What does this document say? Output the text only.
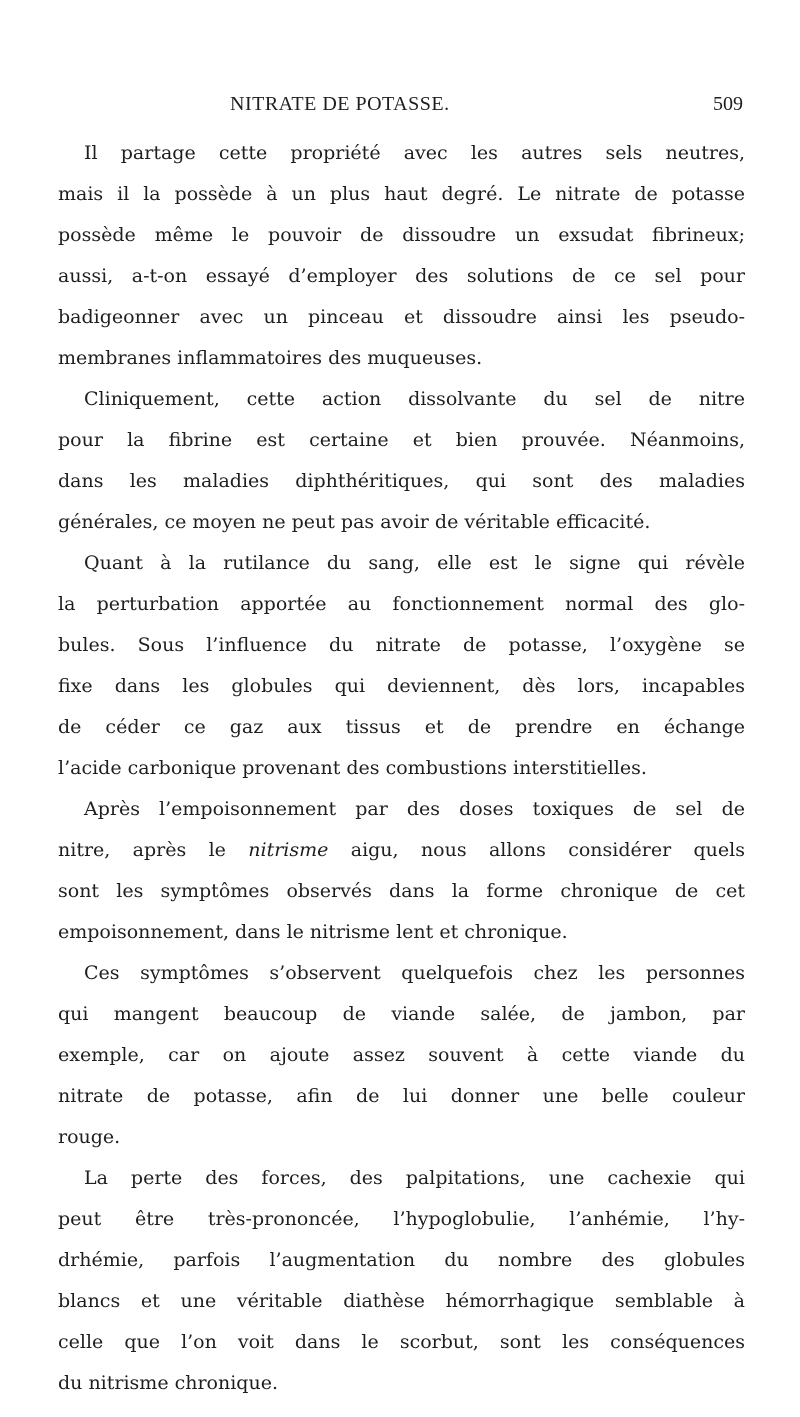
NITRATE DE POTASSE.	509
Il partage cette propriété avec les autres sels neutres,
mais il la possède à un plus haut degré. Le nitrate de potasse
possède même le pouvoir de dissoudre un exsudat fibrineux;
aussi, a-t-on essayé d’employer des solutions de ce sel pour
badigeonner avec un pinceau et dissoudre ainsi les pseudo-
membranes inflammatoires des muqueuses.
Cliniquement, cette action dissolvante du sel de nitre
pour la fibrine est certaine et bien prouvée. Néanmoins,
dans les maladies diphthéritiques, qui sont des maladies
générales, ce moyen ne peut pas avoir de véritable efficacité.
Quant à la rutilance du sang, elle est le signe qui révèle
la perturbation apportée au fonctionnement normal des glo-
bules. Sous l’influence du nitrate de potasse, l’oxygène se
fixe dans les globules qui deviennent, dès lors, incapables
de céder ce gaz aux tissus et de prendre en échange
l’acide carbonique provenant des combustions interstitielles.
Après l’empoisonnement par des doses toxiques de sel de
nitre, après le nitrisme aigu, nous allons considérer quels
sont les symptômes observés dans la forme chronique de cet
empoisonnement, dans le nitrisme lent et chronique.
Ces symptômes s’observent quelquefois chez les personnes
qui mangent beaucoup de viande salée, de jambon, par
exemple, car on ajoute assez souvent à cette viande du
nitrate de potasse, afin de lui donner une belle couleur
rouge.
La perte des forces, des palpitations, une cachexie qui
peut être très-prononcée, l’hypoglobulie, l’anhémie, l’hy-
drhémie, parfois l’augmentation du nombre des globules
blancs et une véritable diathèse hémorrhagique semblable à
celle que l’on voit dans le scorbut, sont les conséquences
du nitrisme chronique.
